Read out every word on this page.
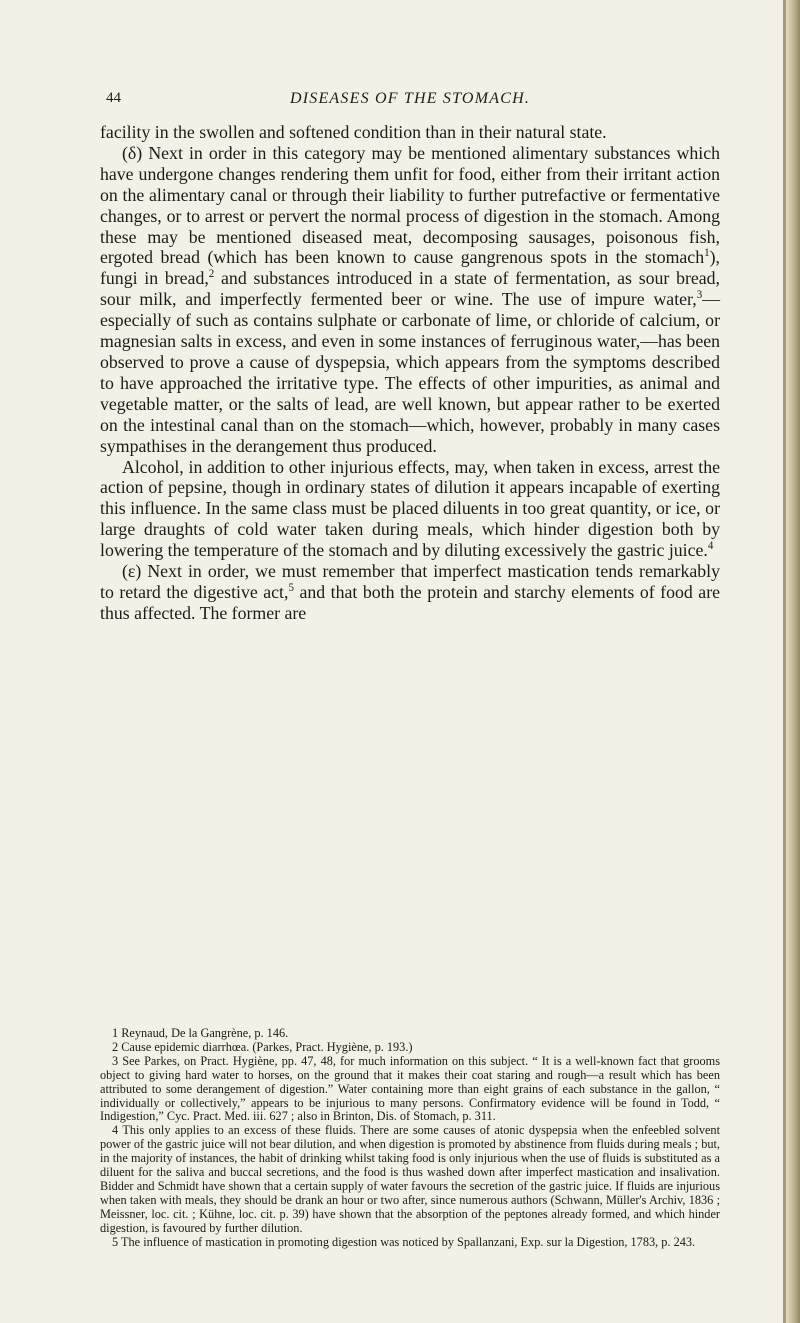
44	DISEASES OF THE STOMACH.

facility in the swollen and softened condition than in their natural state.

(δ) Next in order in this category may be mentioned alimentary substances which have undergone changes rendering them unfit for food, either from their irritant action on the alimentary canal or through their liability to further putrefactive or fermentative changes, or to arrest or pervert the normal process of digestion in the stomach. Among these may be mentioned diseased meat, decomposing sausages, poisonous fish, ergoted bread (which has been known to cause gangrenous spots in the stomach$^1$), fungi in bread,$^2$ and substances introduced in a state of fermentation, as sour bread, sour milk, and imperfectly fermented beer or wine. The use of impure water,$^3$—especially of such as contains sulphate or carbonate of lime, or chloride of calcium, or magnesian salts in excess, and even in some instances of ferruginous water,—has been observed to prove a cause of dyspepsia, which appears from the symptoms described to have approached the irritative type. The effects of other impurities, as animal and vegetable matter, or the salts of lead, are well known, but appear rather to be exerted on the intestinal canal than on the stomach—which, however, probably in many cases sympathises in the derangement thus produced.

Alcohol, in addition to other injurious effects, may, when taken in excess, arrest the action of pepsine, though in ordinary states of dilution it appears incapable of exerting this influence. In the same class must be placed diluents in too great quantity, or ice, or large draughts of cold water taken during meals, which hinder digestion both by lowering the temperature of the stomach and by diluting excessively the gastric juice.$^4$

(ε) Next in order, we must remember that imperfect mastication tends remarkably to retard the digestive act,$^5$ and that both the protein and starchy elements of food are thus affected. The former are

1 Reynaud, De la Gangrène, p. 146.

2 Cause epidemic diarrhœa. (Parkes, Pract. Hygiène, p. 193.)

3 See Parkes, on Pract. Hygiène, pp. 47, 48, for much information on this subject. “ It is a well-known fact that grooms object to giving hard water to horses, on the ground that it makes their coat staring and rough—a result which has been attributed to some derangement of digestion.” Water containing more than eight grains of each substance in the gallon, “ individually or collectively,” appears to be injurious to many persons. Confirmatory evidence will be found in Todd, “ Indigestion,” Cyc. Pract. Med. iii. 627 ; also in Brinton, Dis. of Stomach, p. 311.

4 This only applies to an excess of these fluids. There are some causes of atonic dyspepsia when the enfeebled solvent power of the gastric juice will not bear dilution, and when digestion is promoted by abstinence from fluids during meals ; but, in the majority of instances, the habit of drinking whilst taking food is only injurious when the use of fluids is substituted as a diluent for the saliva and buccal secretions, and the food is thus washed down after imperfect mastication and insalivation. Bidder and Schmidt have shown that a certain supply of water favours the secretion of the gastric juice. If fluids are injurious when taken with meals, they should be drank an hour or two after, since numerous authors (Schwann, Müller's Archiv, 1836 ; Meissner, loc. cit. ; Kühne, loc. cit. p. 39) have shown that the absorption of the peptones already formed, and which hinder digestion, is favoured by further dilution.

5 The influence of mastication in promoting digestion was noticed by Spallanzani, Exp. sur la Digestion, 1783, p. 243.
